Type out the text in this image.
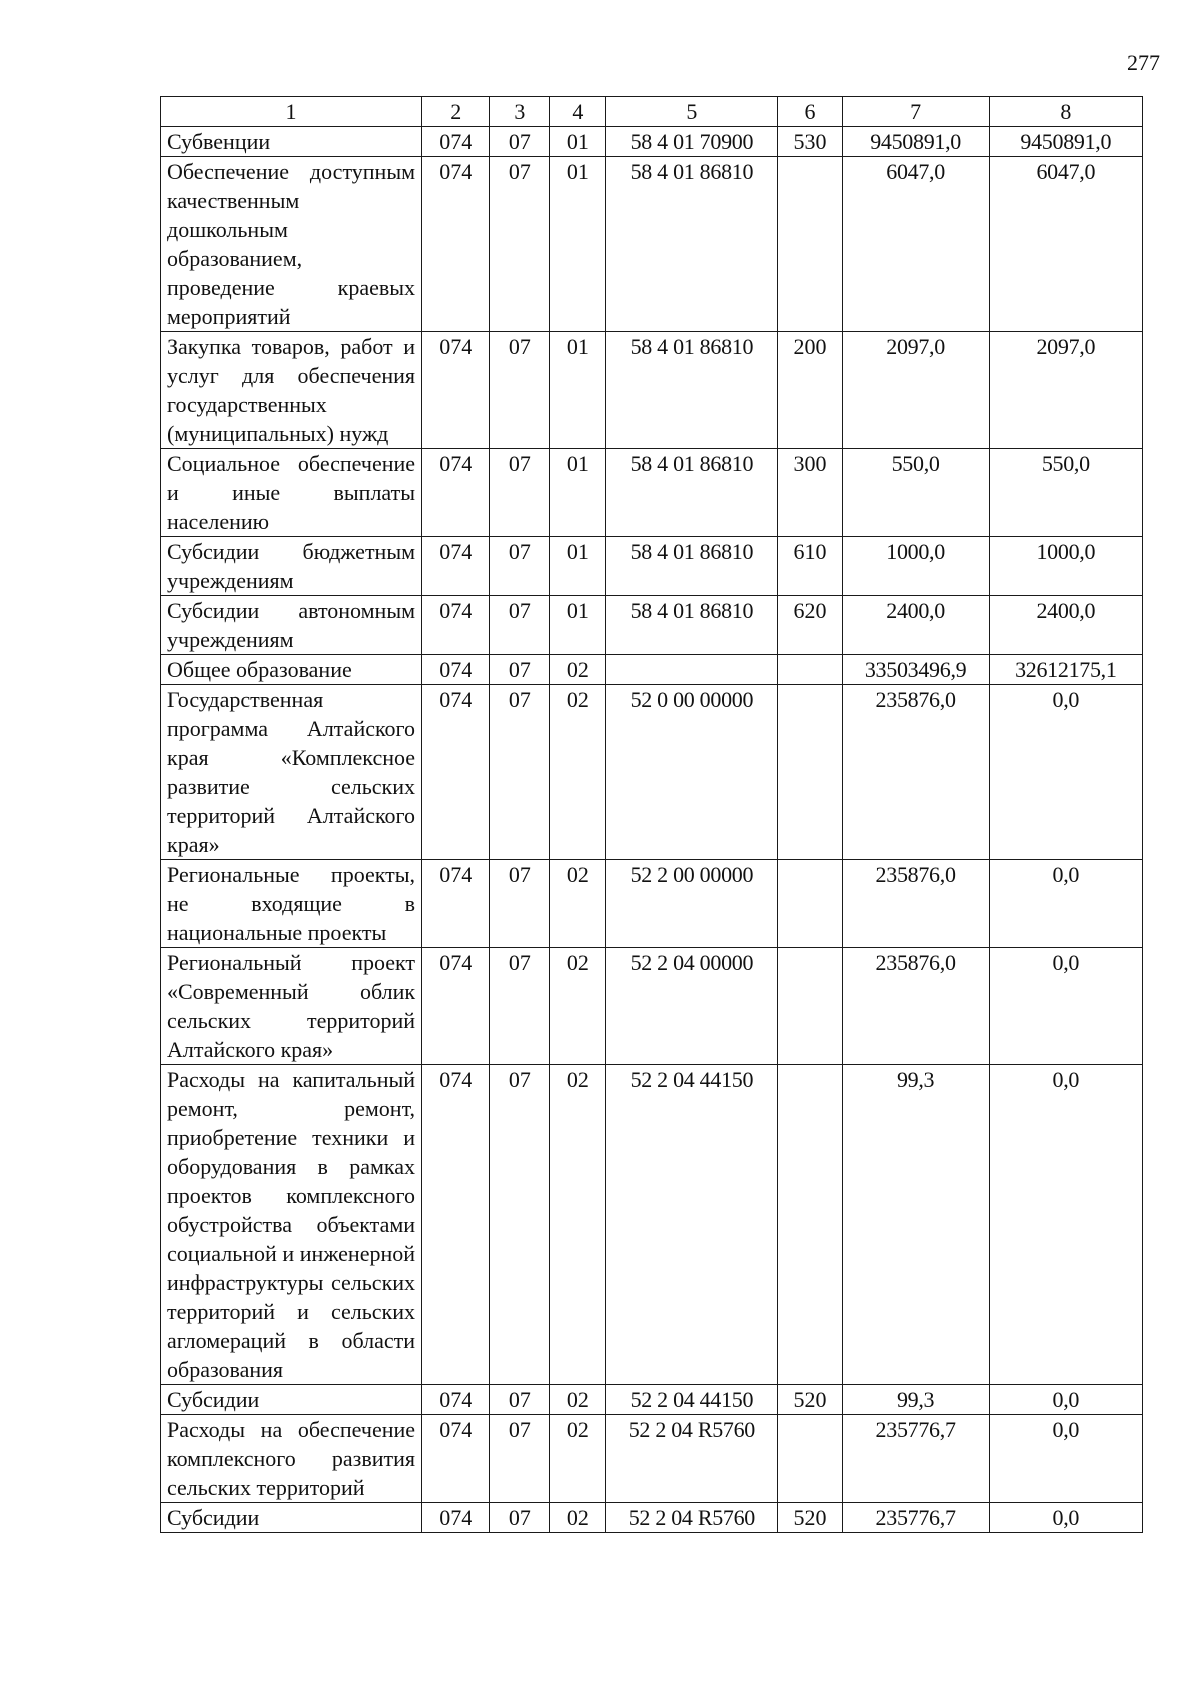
277
1	2	3	4	5	6	7	8
Субвенции	074	07	01	58 4 01 70900	530	9450891,0	9450891,0
Обеспечение доступным качественным дошкольным образованием, проведение краевых мероприятий	074	07	01	58 4 01 86810		6047,0	6047,0
Закупка товаров, работ и услуг для обеспечения государственных (муниципальных) нужд	074	07	01	58 4 01 86810	200	2097,0	2097,0
Социальное обеспечение и иные выплаты населению	074	07	01	58 4 01 86810	300	550,0	550,0
Субсидии бюджетным учреждениям	074	07	01	58 4 01 86810	610	1000,0	1000,0
Субсидии автономным учреждениям	074	07	01	58 4 01 86810	620	2400,0	2400,0
Общее образование	074	07	02			33503496,9	32612175,1
Государственная программа Алтайского края «Комплексное развитие сельских территорий Алтайского края»	074	07	02	52 0 00 00000		235876,0	0,0
Региональные проекты, не входящие в национальные проекты	074	07	02	52 2 00 00000		235876,0	0,0
Региональный проект «Современный облик сельских территорий Алтайского края»	074	07	02	52 2 04 00000		235876,0	0,0
Расходы на капитальный ремонт, ремонт, приобретение техники и оборудования в рамках проектов комплексного обустройства объектами социальной и инженерной инфраструктуры сельских территорий и сельских агломераций в области образования	074	07	02	52 2 04 44150		99,3	0,0
Субсидии	074	07	02	52 2 04 44150	520	99,3	0,0
Расходы на обеспечение комплексного развития сельских территорий	074	07	02	52 2 04 R5760		235776,7	0,0
Субсидии	074	07	02	52 2 04 R5760	520	235776,7	0,0
